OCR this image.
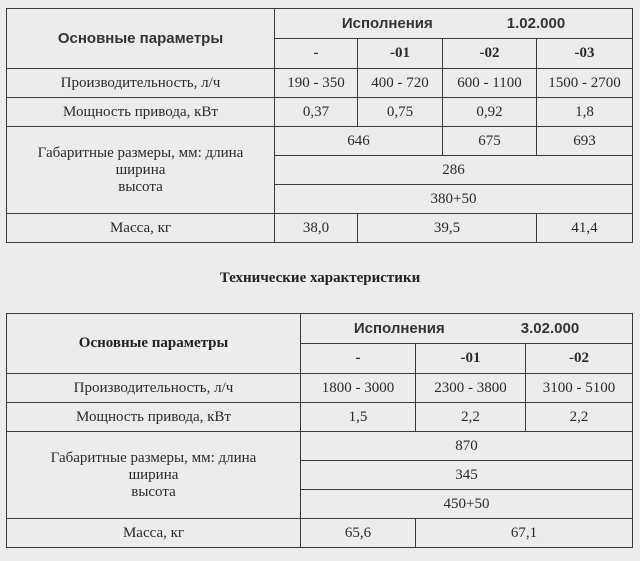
Основные параметры	Исполнения 1.02.000			
	-	-01	-02	-03
Производительность, л/ч	190 - 350	400 - 720	600 - 1100	1500 - 2700
Мощность привода, кВт	0,37	0,75	0,92	1,8
Габаритные размеры, мм: длина
ширина
высота	646		675	693
	286			
	380+50			
Масса, кг	38,0	39,5		41,4
Технические характеристики
Основные параметры	Исполнения 3.02.000		
	-	-01	-02
Производительность, л/ч	1800 - 3000	2300 - 3800	3100 - 5100
Мощность привода, кВт	1,5	2,2	2,2
Габаритные размеры, мм: длина
ширина
высота	870		
	345		
	450+50		
Масса, кг	65,6	67,1	
